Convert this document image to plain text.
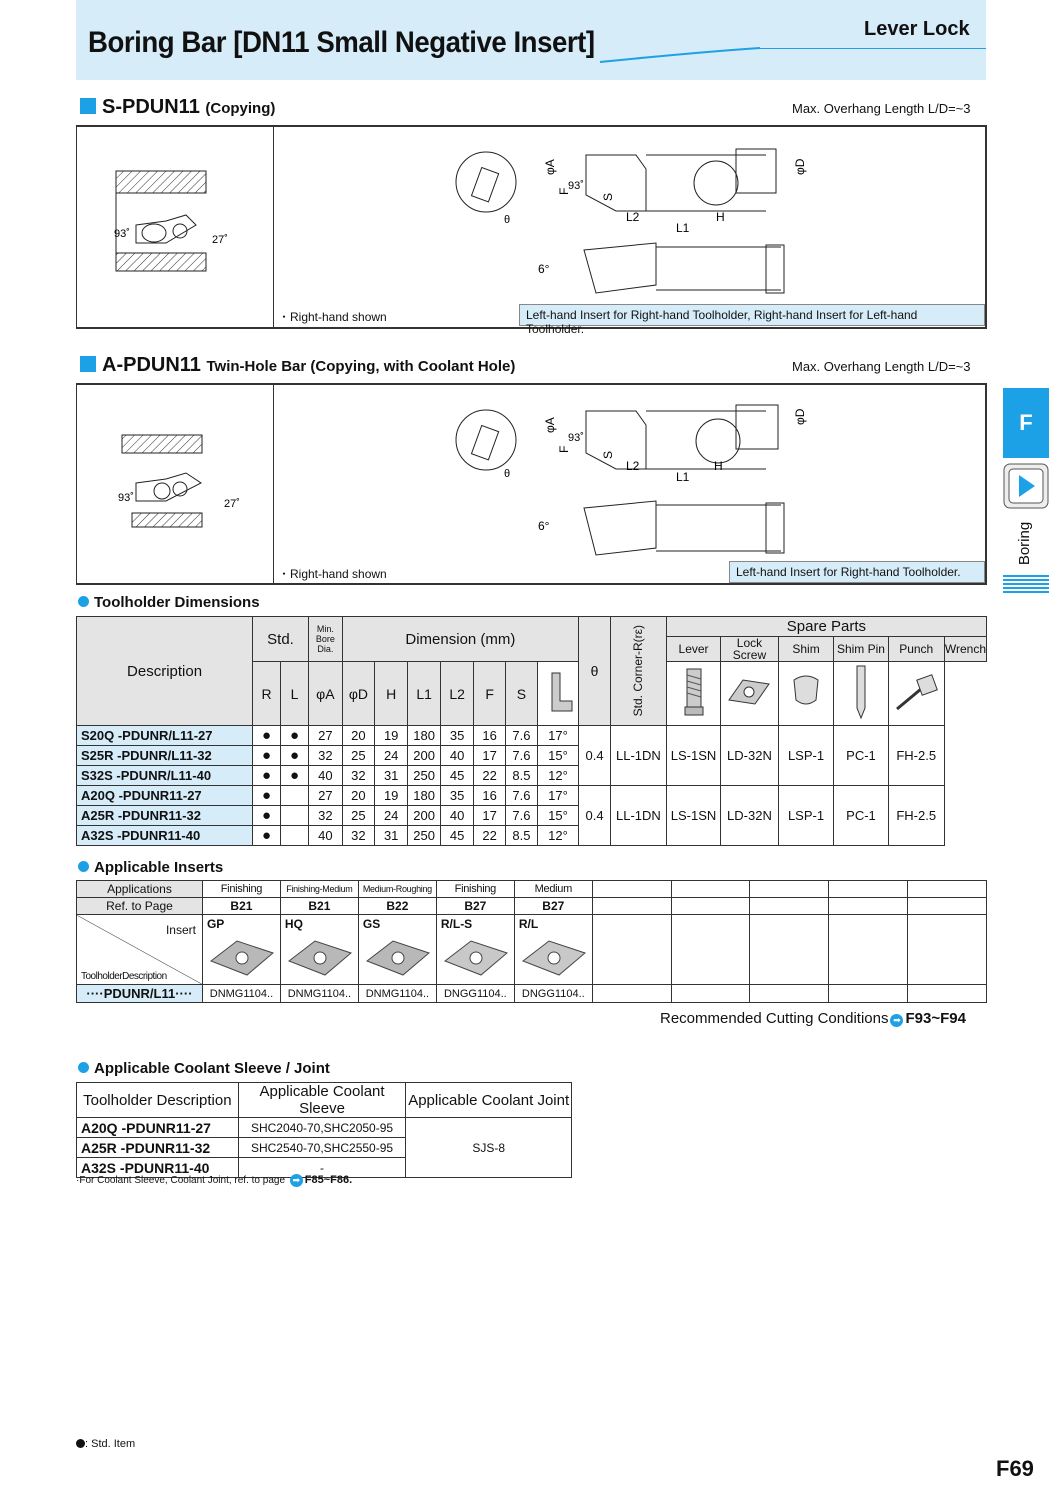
Boring Bar [DN11 Small Negative Insert]	Lever Lock
S-PDUN11 (Copying)	Max. Overhang Length L/D=~3
93˚	27˚
φA
F
93˚
S
φD
L2
L1
H
θ
6°
・Right-hand shown	Left-hand Insert for Right-hand Toolholder, Right-hand Insert for Left-hand Toolholder.
A-PDUN11 Twin-Hole Bar (Copying, with Coolant Hole)	Max. Overhang Length L/D=~3
93˚	27˚
φA
F
93˚
S
φD
L2
L1
H
θ
6°
・Right-hand shown	Left-hand Insert for Right-hand Toolholder.
Toolholder Dimensions
Description	Std.		Min. Bore Dia.	Dimension (mm)							θ	Std. Corner-R(rε)	Spare Parts					
													Lever	Lock Screw	Shim	Shim Pin	Punch	Wrench
	R	L	φA	φD	H	L1	L2	F	S						
S20Q -PDUNR/L11-27	●	●	27	20	19	180	35	16	7.6	17°	0.4	LL-1DN	LS-1SN	LD-32N	LSP-1	PC-1	FH-2.5	
S25R -PDUNR/L11-32	●	●	32	25	24	200	40	17	7.6	15°								
S32S -PDUNR/L11-40	●	●	40	32	31	250	45	22	8.5	12°								
A20Q -PDUNR11-27	●		27	20	19	180	35	16	7.6	17°	0.4	LL-1DN	LS-1SN	LD-32N	LSP-1	PC-1	FH-2.5	
A25R -PDUNR11-32	●		32	25	24	200	40	17	7.6	15°								
A32S -PDUNR11-40	●		40	32	31	250	45	22	8.5	12°								
Applicable Inserts
Applications	Finishing	Finishing-Medium	Medium-Roughing	Finishing	Medium					
Ref. to Page	B21	B21	B22	B27	B27					

Insert
ToolholderDescription	GP	HQ	GS	R/L-S	R/L					

····PDUNR/L11····	DNMG1104..	DNMG1104..	DNMG1104..	DNGG1104..	DNGG1104..					
Recommended Cutting Conditions ➡ F93~F94
Applicable Coolant Sleeve / Joint
Toolholder Description	Applicable Coolant Sleeve	Applicable Coolant Joint
A20Q -PDUNR11-27	SHC2040-70,SHC2050-95	SJS-8
A25R -PDUNR11-32	SHC2540-70,SHC2550-95	
A32S -PDUNR11-40	-	
·For Coolant Sleeve, Coolant Joint, ref. to page ➡ F85~F86.
: Std. Item
F
Boring
F69
